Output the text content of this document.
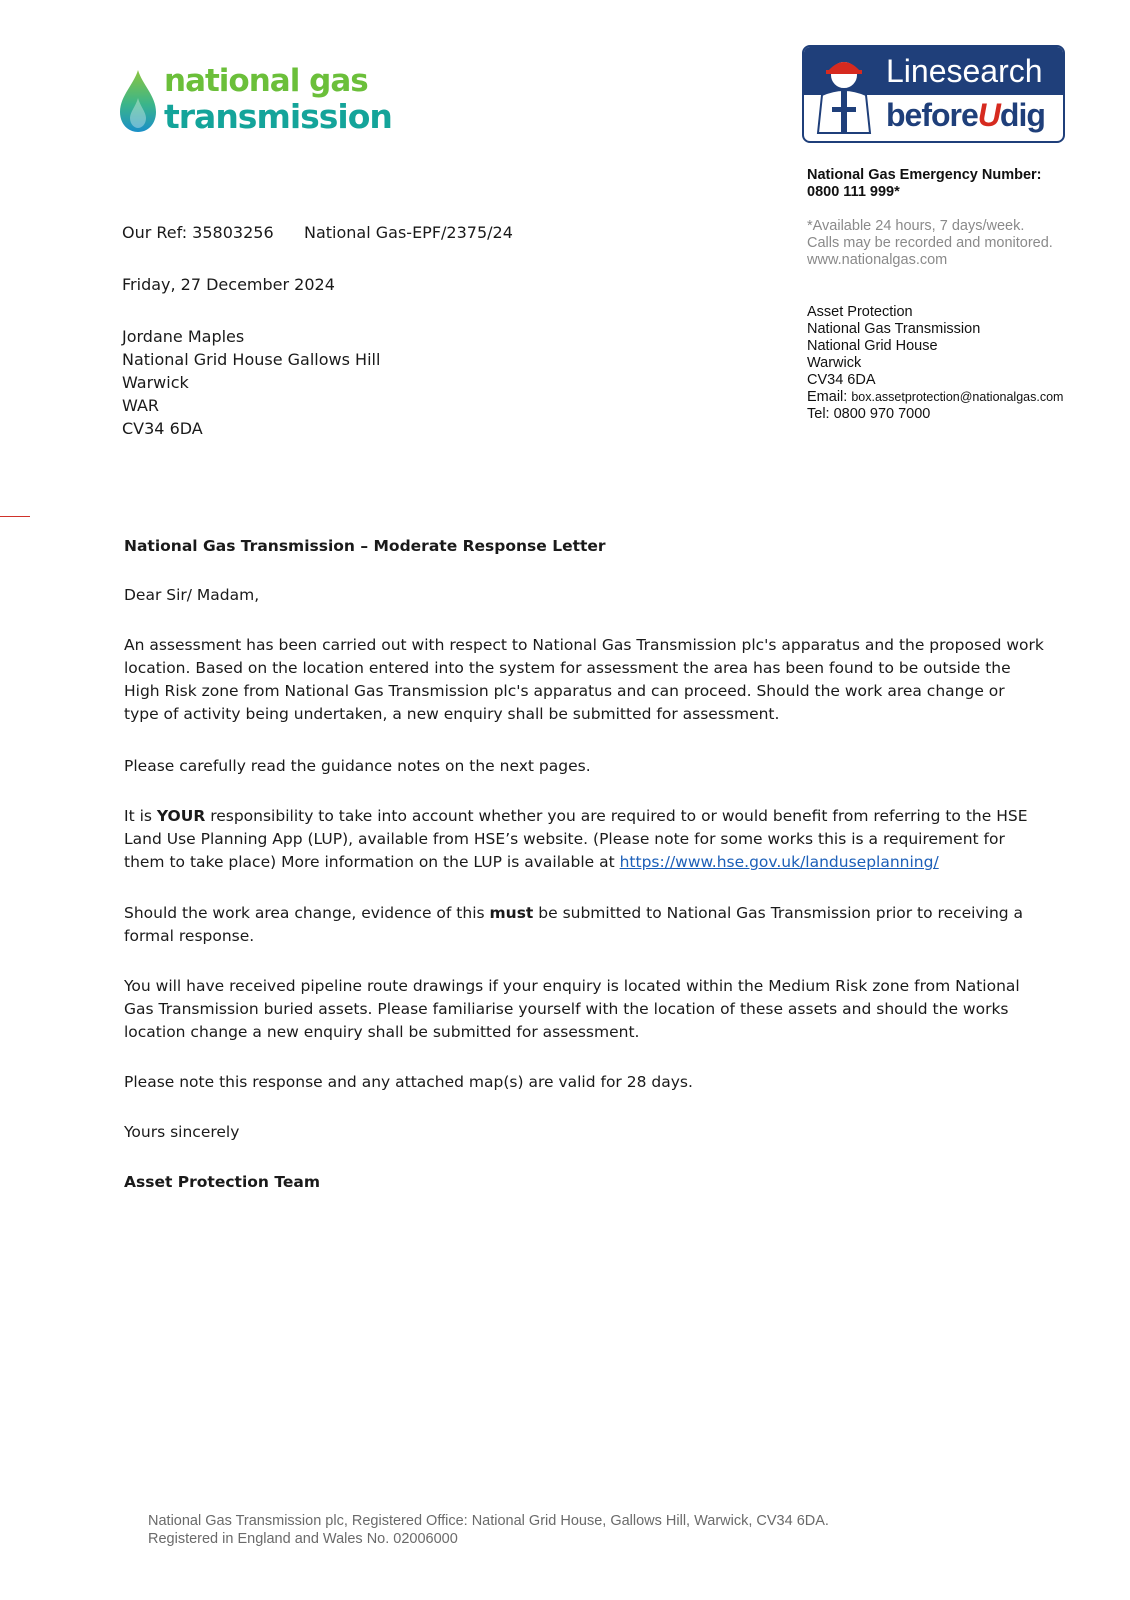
national gas
transmission
Linesearch
beforeUdig
National Gas Emergency Number:
0800 111 999*
*Available 24 hours, 7 days/week.
Calls may be recorded and monitored.
www.nationalgas.com
Asset Protection
National Gas Transmission
National Grid House
Warwick
CV34 6DA
Email: box.assetprotection@nationalgas.com
Tel: 0800 970 7000
Our Ref: 35803256 National Gas-EPF/2375/24
Friday, 27 December 2024
Jordane Maples
National Grid House Gallows Hill
Warwick
WAR
CV34 6DA
National Gas Transmission – Moderate Response Letter
Dear Sir/ Madam,

An assessment has been carried out with respect to National Gas Transmission plc's apparatus and the proposed work location. Based on the location entered into the system for assessment the area has been found to be outside the High Risk zone from National Gas Transmission plc's apparatus and can proceed. Should the work area change or type of activity being undertaken, a new enquiry shall be submitted for assessment.

Please carefully read the guidance notes on the next pages.

It is YOUR responsibility to take into account whether you are required to or would benefit from referring to the HSE Land Use Planning App (LUP), available from HSE’s website. (Please note for some works this is a requirement for them to take place) More information on the LUP is available at https://www.hse.gov.uk/landuseplanning/

Should the work area change, evidence of this must be submitted to National Gas Transmission prior to receiving a formal response.

You will have received pipeline route drawings if your enquiry is located within the Medium Risk zone from National Gas Transmission buried assets. Please familiarise yourself with the location of these assets and should the works location change a new enquiry shall be submitted for assessment.

Please note this response and any attached map(s) are valid for 28 days.

Yours sincerely
Asset Protection Team
National Gas Transmission plc, Registered Office: National Grid House, Gallows Hill, Warwick, CV34 6DA.
Registered in England and Wales No. 02006000
